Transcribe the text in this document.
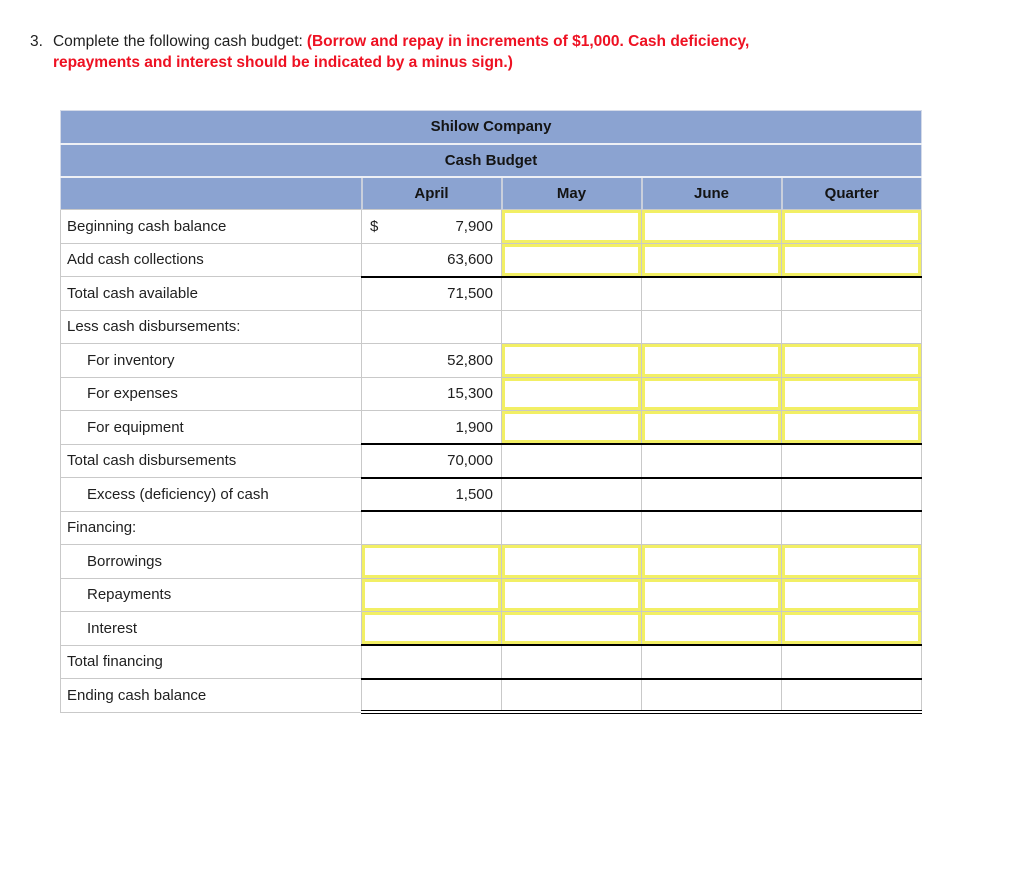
3. Complete the following cash budget: (Borrow and repay in increments of $1,000. Cash deficiency,
repayments and interest should be indicated by a minus sign.)
Shilow Company				
Cash Budget				
	April	May	June	Quarter
Beginning cash balance	$ 7,900			

Add cash collections	63,600	

Total cash available	71,500			
Less cash disbursements:				
For inventory	52,800	

For expenses	15,300	

For equipment	1,900	

Total cash disbursements	70,000			
Excess (deficiency) of cash	1,500			
Financing:				
Borrowings	

Repayments	

Interest	

Total financing				
Ending cash balance				
